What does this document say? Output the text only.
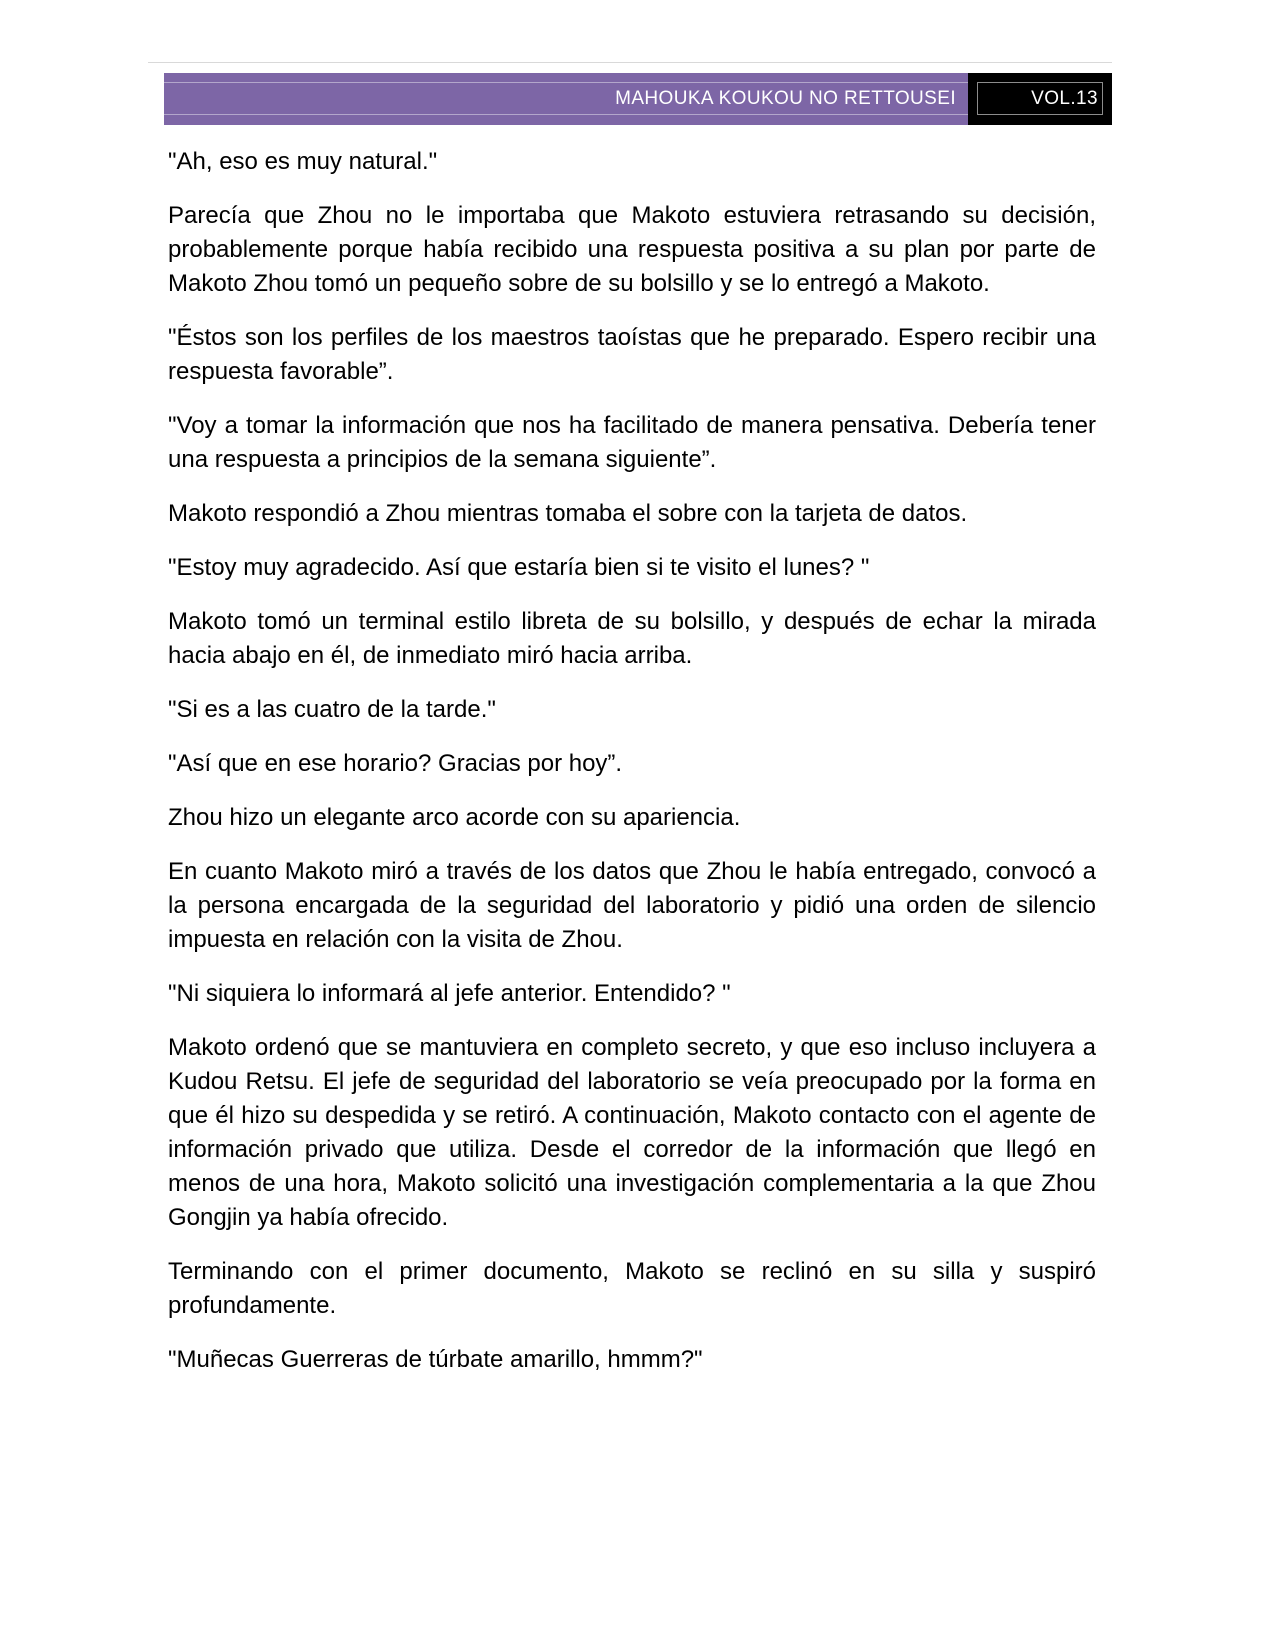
MAHOUKA KOUKOU NO RETTOUSEI	VOL.13

"Ah, eso es muy natural."

Parecía que Zhou no le importaba que Makoto estuviera retrasando su decisión, probablemente porque había recibido una respuesta positiva a su plan por parte de Makoto Zhou tomó un pequeño sobre de su bolsillo y se lo entregó a Makoto.

"Éstos son los perfiles de los maestros taoístas que he preparado. Espero recibir una respuesta favorable”.

"Voy a tomar la información que nos ha facilitado de manera pensativa. Debería tener una respuesta a principios de la semana siguiente”.

Makoto respondió a Zhou mientras tomaba el sobre con la tarjeta de datos.

"Estoy muy agradecido. Así que estaría bien si te visito el lunes? "

Makoto tomó un terminal estilo libreta de su bolsillo, y después de echar la mirada hacia abajo en él, de inmediato miró hacia arriba.

"Si es a las cuatro de la tarde."

"Así que en ese horario? Gracias por hoy”.

Zhou hizo un elegante arco acorde con su apariencia.

En cuanto Makoto miró a través de los datos que Zhou le había entregado, convocó a la persona encargada de la seguridad del laboratorio y pidió una orden de silencio impuesta en relación con la visita de Zhou.

"Ni siquiera lo informará al jefe anterior. Entendido? "

Makoto ordenó que se mantuviera en completo secreto, y que eso incluso incluyera a Kudou Retsu. El jefe de seguridad del laboratorio se veía preocupado por la forma en que él hizo su despedida y se retiró. A continuación, Makoto contacto con el agente de información privado que utiliza. Desde el corredor de la información que llegó en menos de una hora, Makoto solicitó una investigación complementaria a la que Zhou Gongjin ya había ofrecido.

Terminando con el primer documento, Makoto se reclinó en su silla y suspiró profundamente.

"Muñecas Guerreras de túrbate amarillo, hmmm?"
